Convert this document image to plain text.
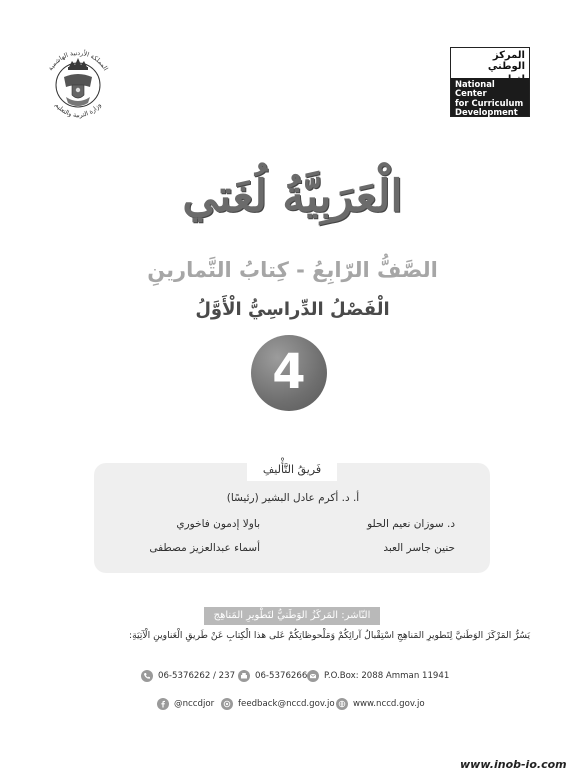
المملكة الأردنية الهاشمية
وزارة التربية والتعليم
المركز الوطني
National Center
for Curriculum
Development
الْعَرَبِيَّةُ لُغَتي
الصَّفُّ الرّابِعُ - كِتابُ التَّمارينِ
الْفَصْلُ الدِّراسِيُّ الْأَوَّلُ
4
فَريقُ التَّأْليفِ
أ. د. أكرم عادل البشير (رئيسًا)
د. سوزان نعيم الحلو
باولا إدمون فاخوري
حنين جاسر العبد
أسماء عبدالعزيز مصطفى
النّاشر: المَركَزُ الوَطَنيُّ لتَطْويرِ المَناهِج
يَسُرُّ المَرْكَزَ الوَطَنيَّ لِتَطويرِ المَناهِجِ اسْتِقْبالُ آرائِكُمْ وَمَلْحوظاتِكُمْ عَلى هذا الْكِتابِ عَنْ طَريقِ الْعَناوينِ الْآتِيَةِ:
06-5376262 / 237 06-5376266 P.O.Box: 2088 Amman 11941
@nccdjor	feedback@nccd.gov.jo www.nccd.gov.jo
www.inob-io.com
